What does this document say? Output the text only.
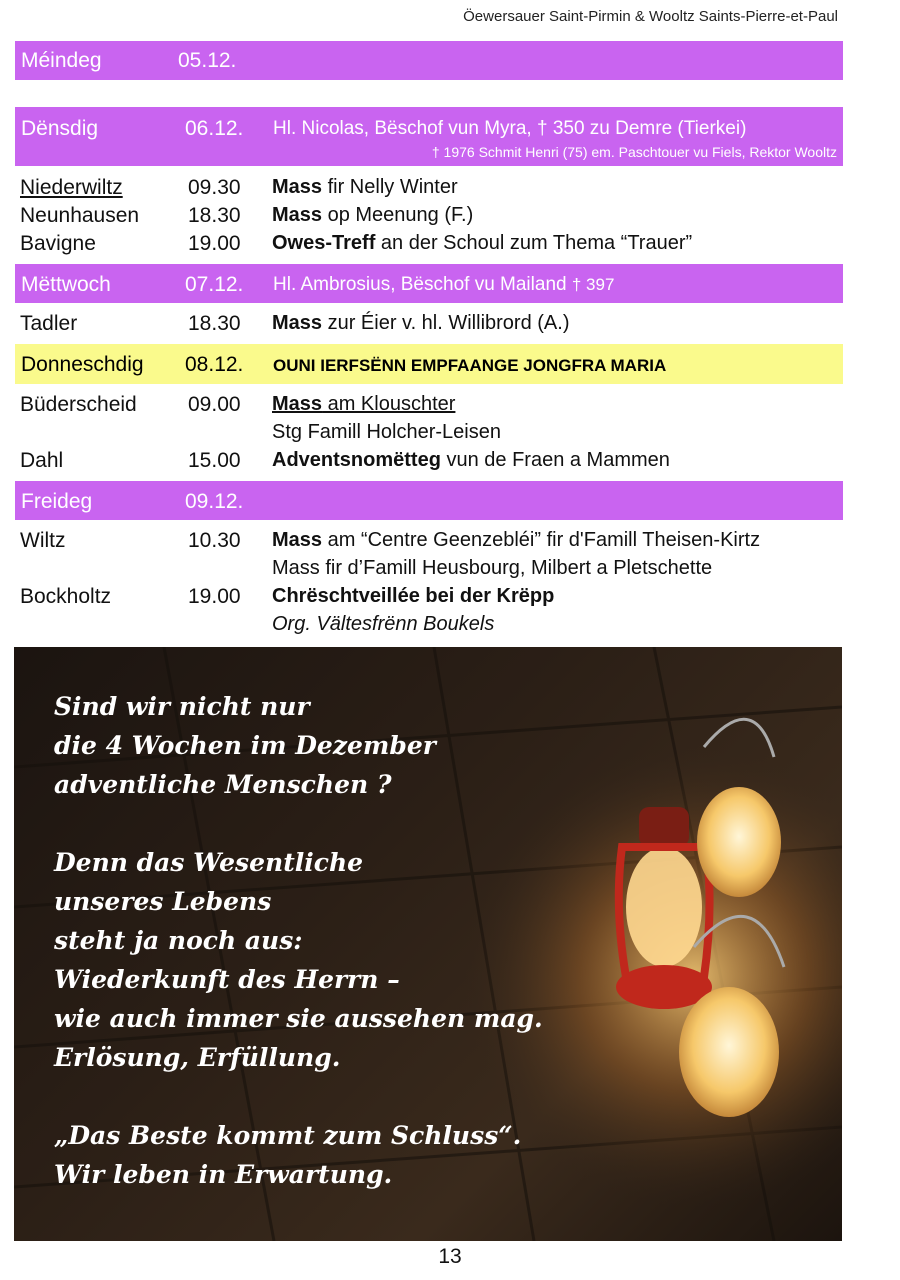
Öewersauer Saint-Pirmin & Wooltz Saints-Pierre-et-Paul
Méindeg	05.12.
Dënsdig	06.12. Hl. Nicolas, Bëschof vun Myra, † 350 zu Demre (Tierkei)
† 1976 Schmit Henri (75) em. Paschtouer vu Fiels, Rektor Wooltz
Niederwiltz	09.30 Mass fir Nelly Winter
Neunhausen 18.30 Mass op Meenung (F.)
Bavigne	19.00 Owes-Treff an der Schoul zum Thema “Trauer”
Mëttwoch	07.12. Hl. Ambrosius, Bëschof vu Mailand † 397
Tadler	18.30 Mass zur Éier v. hl. Willibrord (A.)
Donneschdig 08.12. OUNI IERFSËNN EMPFAANGE JONGFRA MARIA
Büderscheid 09.00 Mass am Klouschter
Stg Famill Holcher-Leisen
Dahl	15.00 Adventsnomëtteg vun de Fraen a Mammen
Freideg	09.12.
Wiltz	10.30 Mass am “Centre Geenzebléi” fir d'Famill Theisen-Kirtz
Mass fir d’Famill Heusbourg, Milbert a Pletschette
Bockholtz	19.00 Chrëschtveillée bei der Krëpp
Org. Vältesfrënn Boukels
Sind wir nicht nur
die 4 Wochen im Dezember
adventliche Menschen ?
Denn das Wesentliche
unseres Lebens
steht ja noch aus:
Wiederkunft des Herrn –
wie auch immer sie aussehen mag.
Erlösung, Erfüllung.
„Das Beste kommt zum Schluss“.
Wir leben in Erwartung.
13
